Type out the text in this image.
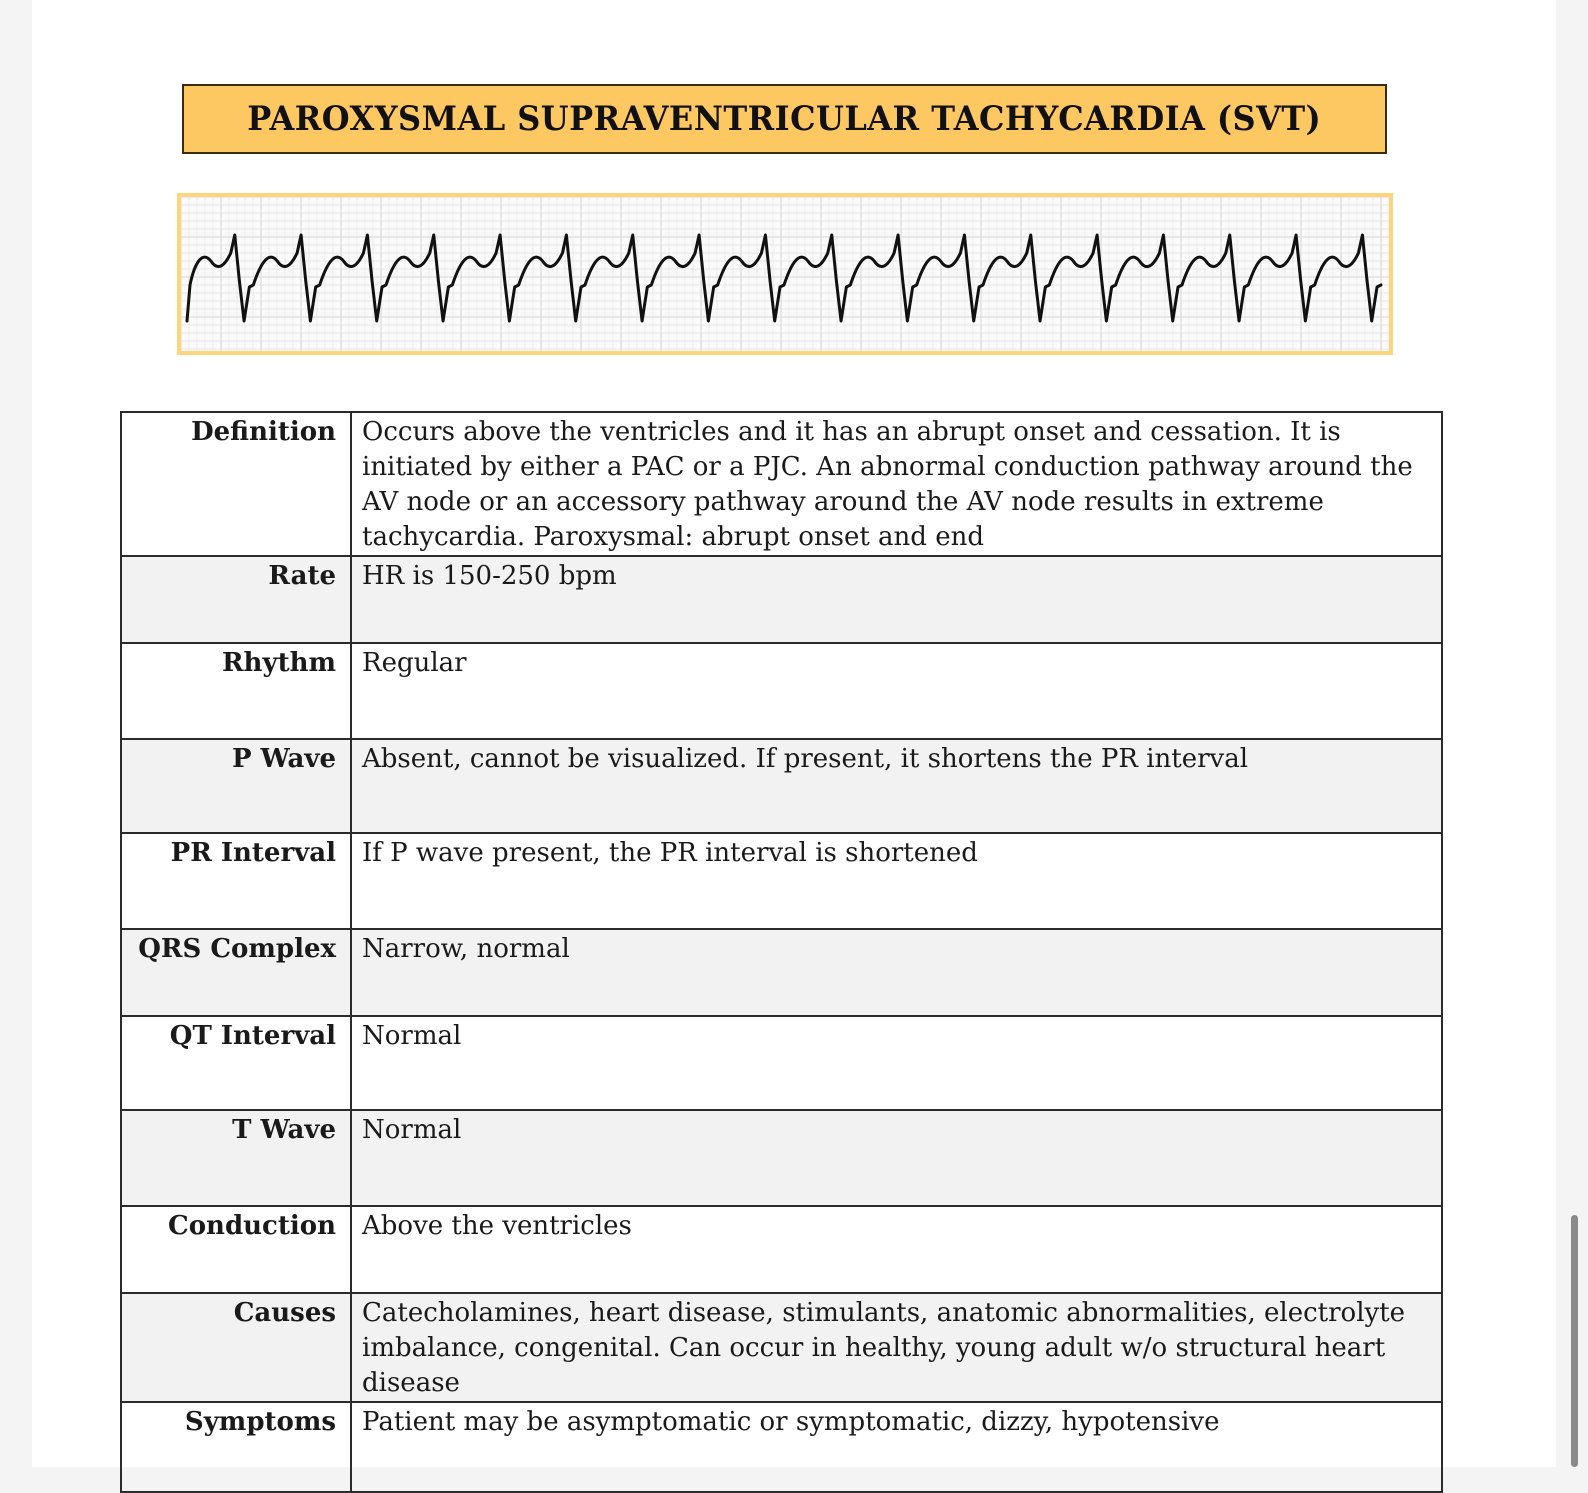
PAROXYSMAL SUPRAVENTRICULAR TACHYCARDIA (SVT)
Definition	Occurs above the ventricles and it has an abrupt onset and cessation. It is initiated by either a PAC or a PJC. An abnormal conduction pathway around the AV node or an accessory pathway around the AV node results in extreme tachycardia. Paroxysmal: abrupt onset and end
Rate	HR is 150-250 bpm
Rhythm	Regular
P Wave	Absent, cannot be visualized. If present, it shortens the PR interval
PR Interval	If P wave present, the PR interval is shortened
QRS Complex	Narrow, normal
QT Interval	Normal
T Wave	Normal
Conduction	Above the ventricles
Causes	Catecholamines, heart disease, stimulants, anatomic abnormalities, electrolyte imbalance, congenital. Can occur in healthy, young adult w/o structural heart disease
Symptoms	Patient may be asymptomatic or symptomatic, dizzy, hypotensive
